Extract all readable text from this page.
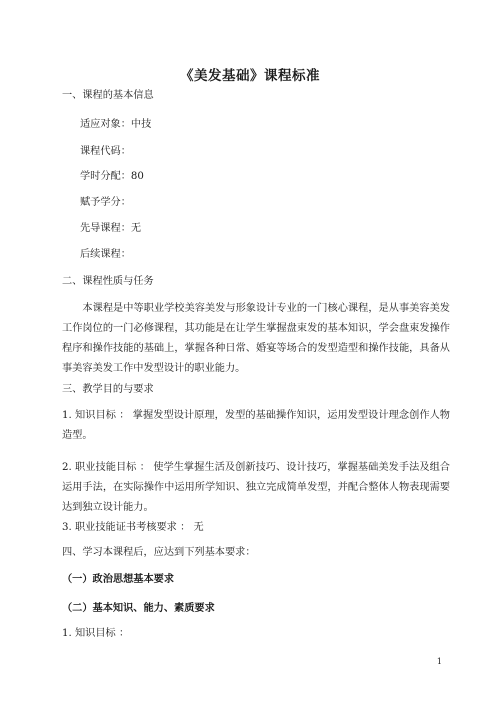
《美发基础》课程标准
一、课程的基本信息
适应对象：中技
课程代码：
学时分配：80
赋予学分：
先导课程：无
后续课程：
二、课程性质与任务
本课程是中等职业学校美容美发与形象设计专业的一门核心课程，是从事美容美发工作岗位的一门必修课程，其功能是在让学生掌握盘束发的基本知识，学会盘束发操作程序和操作技能的基础上，掌握各种日常、婚宴等场合的发型造型和操作技能，具备从事美容美发工作中发型设计的职业能力。
三、教学目的与要求
1. 知识目标 ： 掌握发型设计原理，发型的基础操作知识，运用发型设计理念创作人物造型。
2. 职业技能目标 ： 使学生掌握生活及创新技巧、设计技巧，掌握基础美发手法及组合运用手法，在实际操作中运用所学知识、独立完成简单发型，并配合整体人物表现需要达到独立设计能力。
3. 职业技能证书考核要求 ： 无
四、学习本课程后，应达到下列基本要求：
（一）政治思想基本要求
（二）基本知识、能力、素质要求
1. 知识目标 ：
1
